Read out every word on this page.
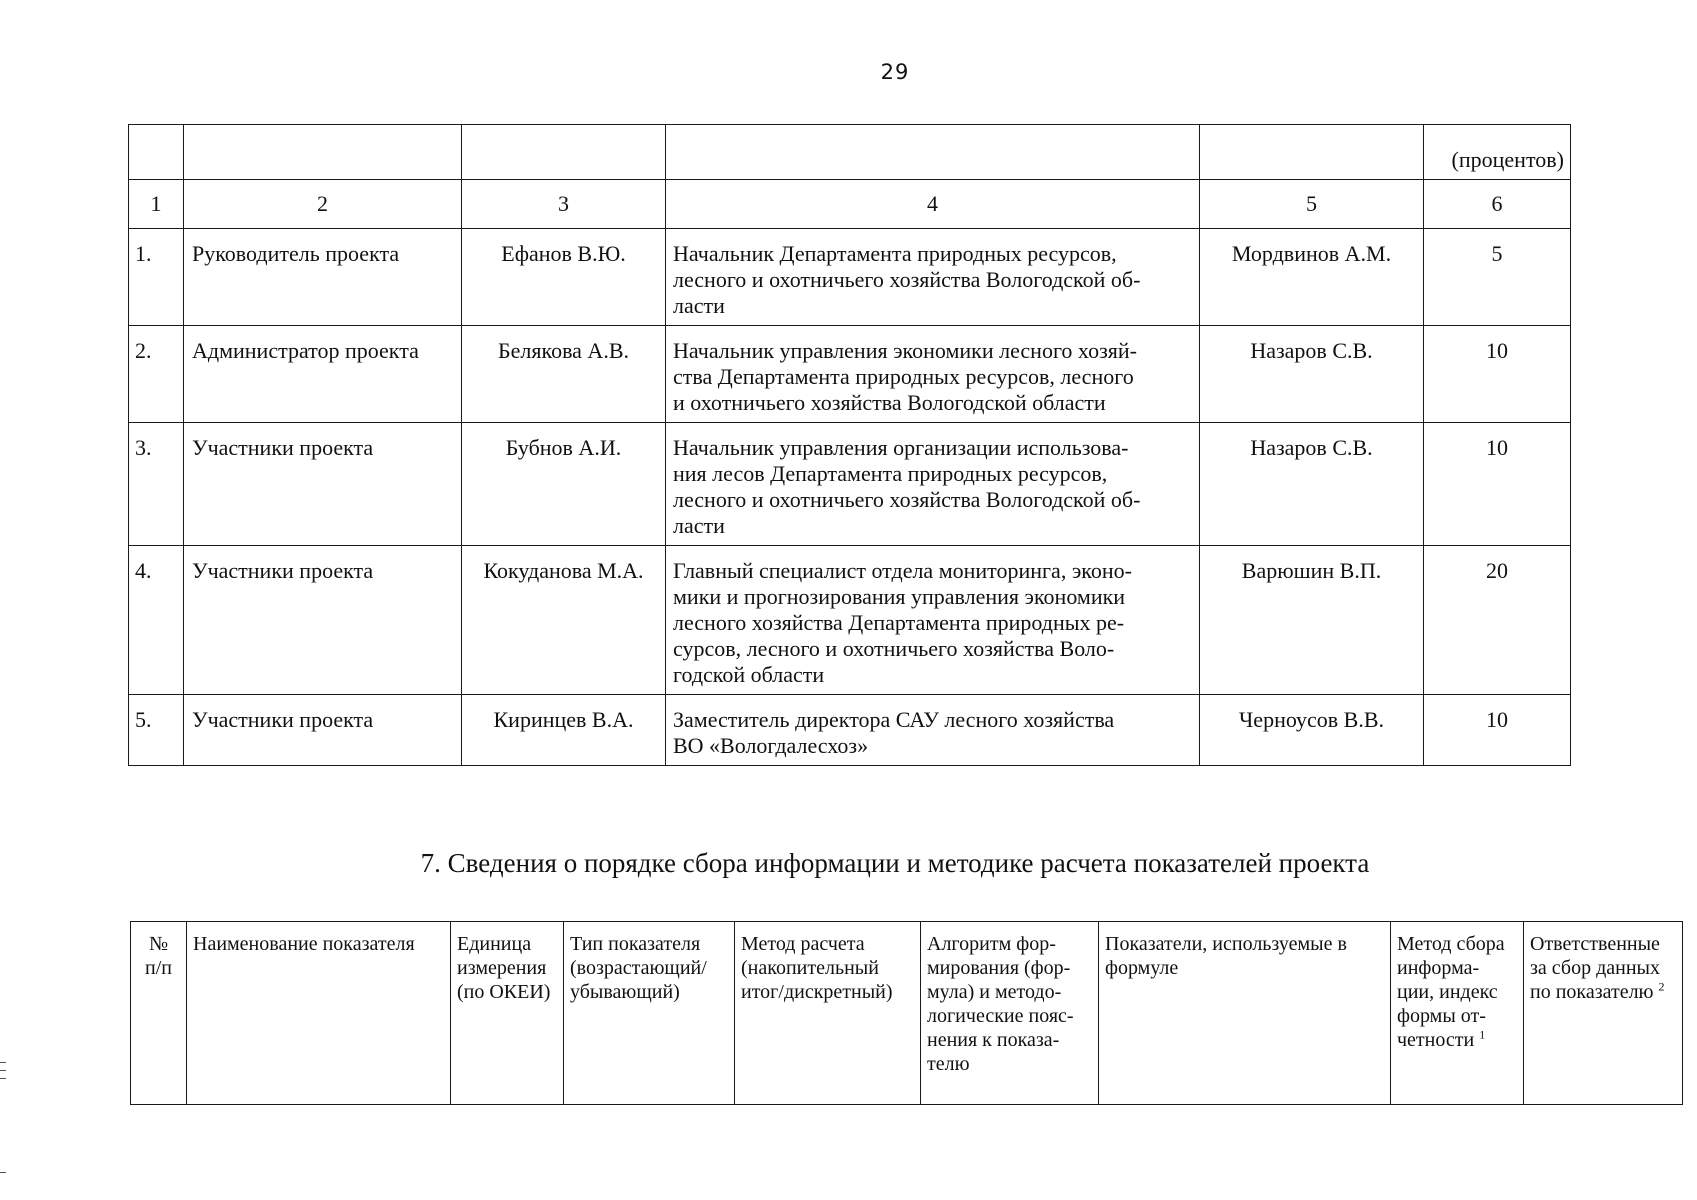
29
					(процентов)
1	2	3	4	5	6
1.	Руководитель проекта	Ефанов В.Ю.	Начальник Департамента природных ресурсов,
лесного и охотничьего хозяйства Вологодской об-
ласти	Мордвинов А.М.	5
2.	Администратор проекта	Белякова А.В.	Начальник управления экономики лесного хозяй-
ства Департамента природных ресурсов, лесного
и охотничьего хозяйства Вологодской области	Назаров С.В.	10
3.	Участники проекта	Бубнов А.И.	Начальник управления организации использова-
ния лесов Департамента природных ресурсов,
лесного и охотничьего хозяйства Вологодской об-
ласти	Назаров С.В.	10
4.	Участники проекта	Кокуданова М.А.	Главный специалист отдела мониторинга, эконо-
мики и прогнозирования управления экономики
лесного хозяйства Департамента природных ре-
сурсов, лесного и охотничьего хозяйства Воло-
годской области	Варюшин В.П.	20
5.	Участники проекта	Киринцев В.А.	Заместитель директора САУ лесного хозяйства
ВО «Вологдалесхоз»	Черноусов В.В.	10
7. Сведения о порядке сбора информации и методике расчета показателей проекта
№
п/п	Наименование показателя	Единица
измерения
(по ОКЕИ)	Тип показателя
(возрастающий/
убывающий)	Метод расчета
(накопительный
итог/дискретный)	Алгоритм фор-
мирования (фор-
мула) и методо-
логические пояс-
нения к показа-
телю	Показатели, используемые в
формуле	Метод сбора
информа-
ции, индекс
формы от-
четности $^1$	Ответственные
за сбор данных
по показателю $^2$
